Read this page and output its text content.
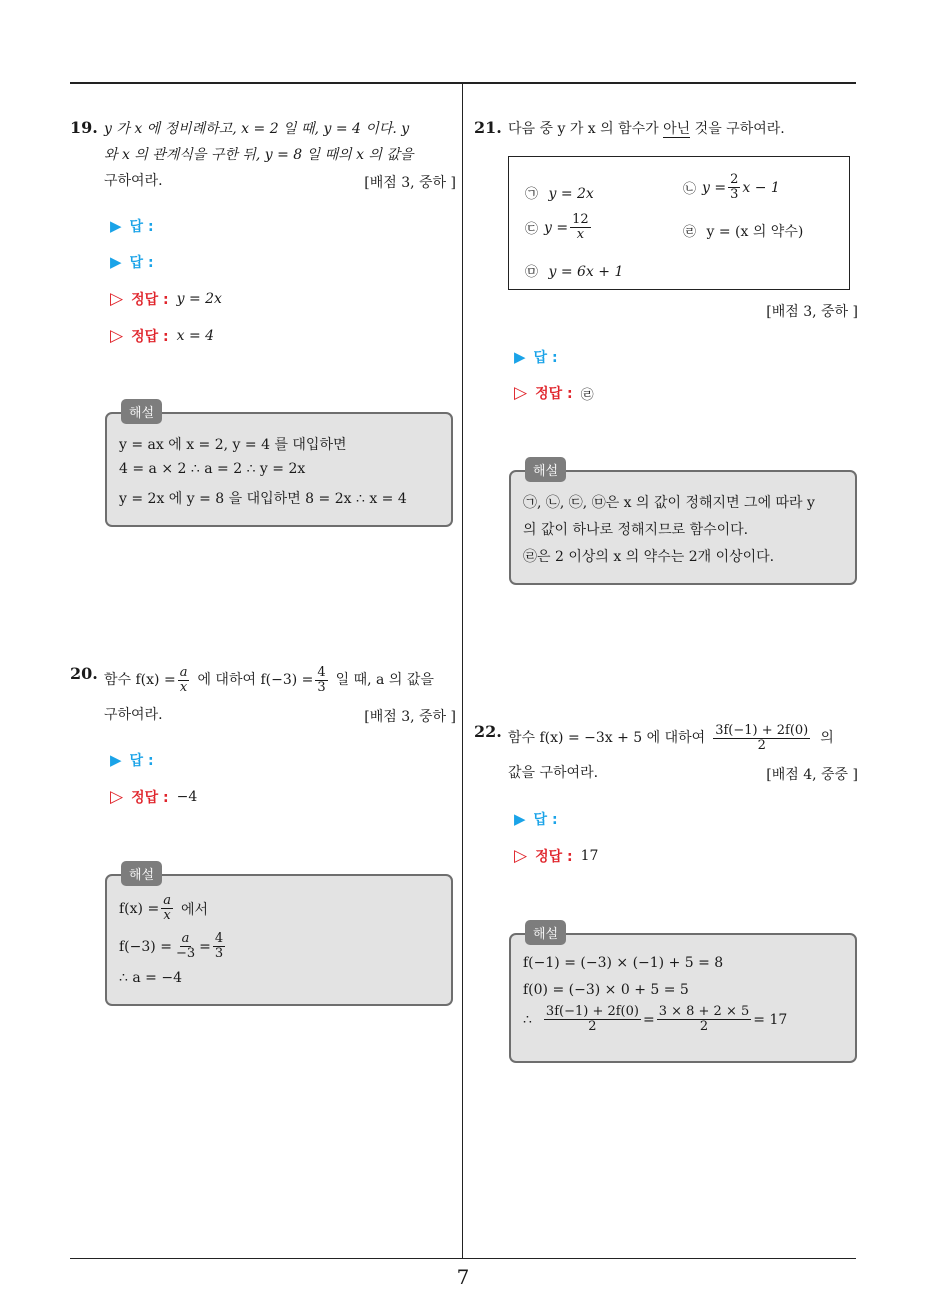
7
19. y 가 x 에 정비례하고, x = 2 일 때, y = 4 이다. y
와 x 의 관계식을 구한 뒤, y = 8 일 때의 x 의 값을
구하여라.	[배점 3, 중하 ]
▶ 답 :
▶ 답 :
▷ 정답 : y = 2x
▷ 정답 : x = 4
해설
y = ax 에 x = 2, y = 4 를 대입하면
4 = a × 2 ∴ a = 2 ∴ y = 2x
y = 2x 에 y = 8 을 대입하면 8 = 2x ∴ x = 4
20. 함수 $f(x) = \frac{a}{x}$ 에 대하여 $f(-3) = \frac{4}{3}$ 일 때, a 의 값을
구하여라.	[배점 3, 중하 ]
▶ 답 :
▷ 정답 : −4
해설
$f(x) = \frac{a}{x}$ 에서
$f(-3) = \frac{a}{-3} = \frac{4}{3}$
∴ a = −4
21. 다음 중 y 가 x 의 함수가 아닌 것을 구하여라.
㉠ y = 2x	㉡ $y = \frac{2}{3}$ x − 1
㉢ $y = \frac{12}{x}$	㉣ y = (x 의 약수)
㉤ y = 6x + 1
[배점 3, 중하 ]
▶ 답 :
▷ 정답 : ㉣
해설
㉠, ㉡, ㉢, ㉤은 x 의 값이 정해지면 그에 따라 y
의 값이 하나로 정해지므로 함수이다.
㉣은 2 이상의 x 의 약수는 2개 이상이다.
22. 함수 f(x) = −3x + 5 에 대하여 $\frac{3f(-1) + 2f(0)}{2}$ 의
값을 구하여라.	[배점 4, 중중 ]
▶ 답 :
▷ 정답 : 17
해설
f(−1) = (−3) × (−1) + 5 = 8
f(0) = (−3) × 0 + 5 = 5
∴ $\frac{3f(-1) + 2f(0)}{2} = \frac{3 \times 8 + 2 \times 5}{2} = 17$
